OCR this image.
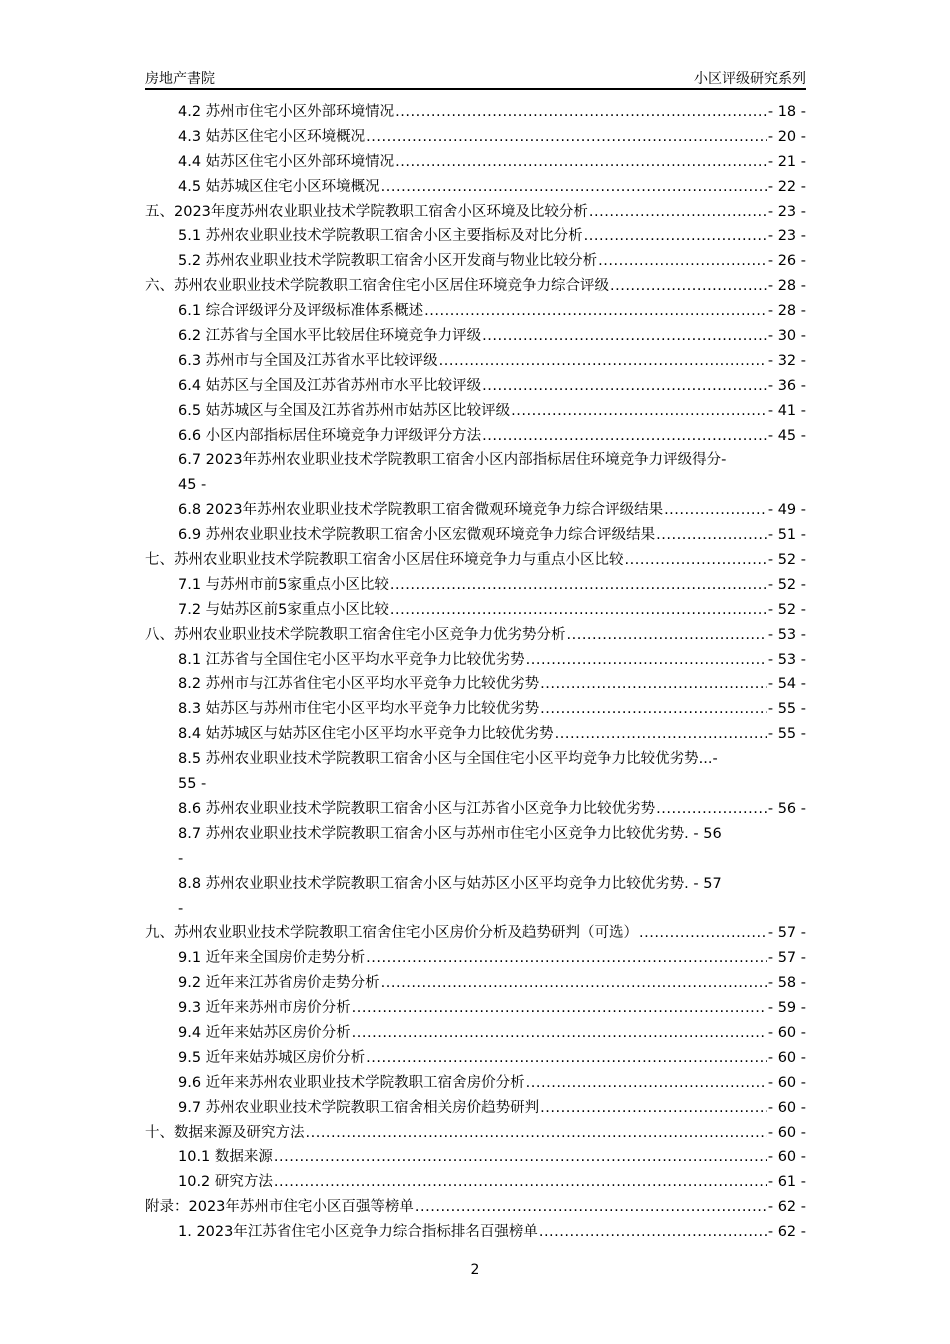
房地产書院	小区评级研究系列
4.2 苏州市住宅小区外部环境情况 .....	- 18 -
4.3 姑苏区住宅小区环境概况 .....	- 20 -
4.4 姑苏区住宅小区外部环境情况 .....	- 21 -
4.5 姑苏城区住宅小区环境概况 .....	- 22 -
五、2023年度苏州农业职业技术学院教职工宿舍小区环境及比较分析 .....	- 23 -
5.1 苏州农业职业技术学院教职工宿舍小区主要指标及对比分析 .....	- 23 -
5.2 苏州农业职业技术学院教职工宿舍小区开发商与物业比较分析 .....	- 26 -
六、苏州农业职业技术学院教职工宿舍住宅小区居住环境竞争力综合评级 .....	- 28 -
6.1 综合评级评分及评级标准体系概述 .....	- 28 -
6.2 江苏省与全国水平比较居住环境竞争力评级 .....	- 30 -
6.3 苏州市与全国及江苏省水平比较评级 .....	- 32 -
6.4 姑苏区与全国及江苏省苏州市水平比较评级 .....	- 36 -
6.5 姑苏城区与全国及江苏省苏州市姑苏区比较评级 .....	- 41 -
6.6 小区内部指标居住环境竞争力评级评分方法 .....	- 45 -
6.7 2023年苏州农业职业技术学院教职工宿舍小区内部指标居住环境竞争力评级得分-
45 -
6.8 2023年苏州农业职业技术学院教职工宿舍微观环境竞争力综合评级结果 .....	- 49 -
6.9 苏州农业职业技术学院教职工宿舍小区宏微观环境竞争力综合评级结果 .....	- 51 -
七、苏州农业职业技术学院教职工宿舍小区居住环境竞争力与重点小区比较 .....	- 52 -
7.1 与苏州市前5家重点小区比较 .....	- 52 -
7.2 与姑苏区前5家重点小区比较 .....	- 52 -
八、苏州农业职业技术学院教职工宿舍住宅小区竞争力优劣势分析 .....	- 53 -
8.1 江苏省与全国住宅小区平均水平竞争力比较优劣势 .....	- 53 -
8.2 苏州市与江苏省住宅小区平均水平竞争力比较优劣势 .....	- 54 -
8.3 姑苏区与苏州市住宅小区平均水平竞争力比较优劣势 .....	- 55 -
8.4 姑苏城区与姑苏区住宅小区平均水平竞争力比较优劣势 .....	- 55 -
8.5 苏州农业职业技术学院教职工宿舍小区与全国住宅小区平均竞争力比较优劣势...-
55 -
8.6 苏州农业职业技术学院教职工宿舍小区与江苏省小区竞争力比较优劣势 .....	- 56 -
8.7 苏州农业职业技术学院教职工宿舍小区与苏州市住宅小区竞争力比较优劣势. - 56
-
8.8 苏州农业职业技术学院教职工宿舍小区与姑苏区小区平均竞争力比较优劣势. - 57
-
九、苏州农业职业技术学院教职工宿舍住宅小区房价分析及趋势研判（可选） .....	- 57 -
9.1 近年来全国房价走势分析 .....	- 57 -
9.2 近年来江苏省房价走势分析 .....	- 58 -
9.3 近年来苏州市房价分析 .....	- 59 -
9.4 近年来姑苏区房价分析 .....	- 60 -
9.5 近年来姑苏城区房价分析 .....	- 60 -
9.6 近年来苏州农业职业技术学院教职工宿舍房价分析 .....	- 60 -
9.7 苏州农业职业技术学院教职工宿舍相关房价趋势研判 .....	- 60 -
十、数据来源及研究方法 .....	- 60 -
10.1 数据来源 .....	- 60 -
10.2 研究方法 .....	- 61 -
附录：2023年苏州市住宅小区百强等榜单 .....	- 62 -
1. 2023年江苏省住宅小区竞争力综合指标排名百强榜单 .....	- 62 -
2
